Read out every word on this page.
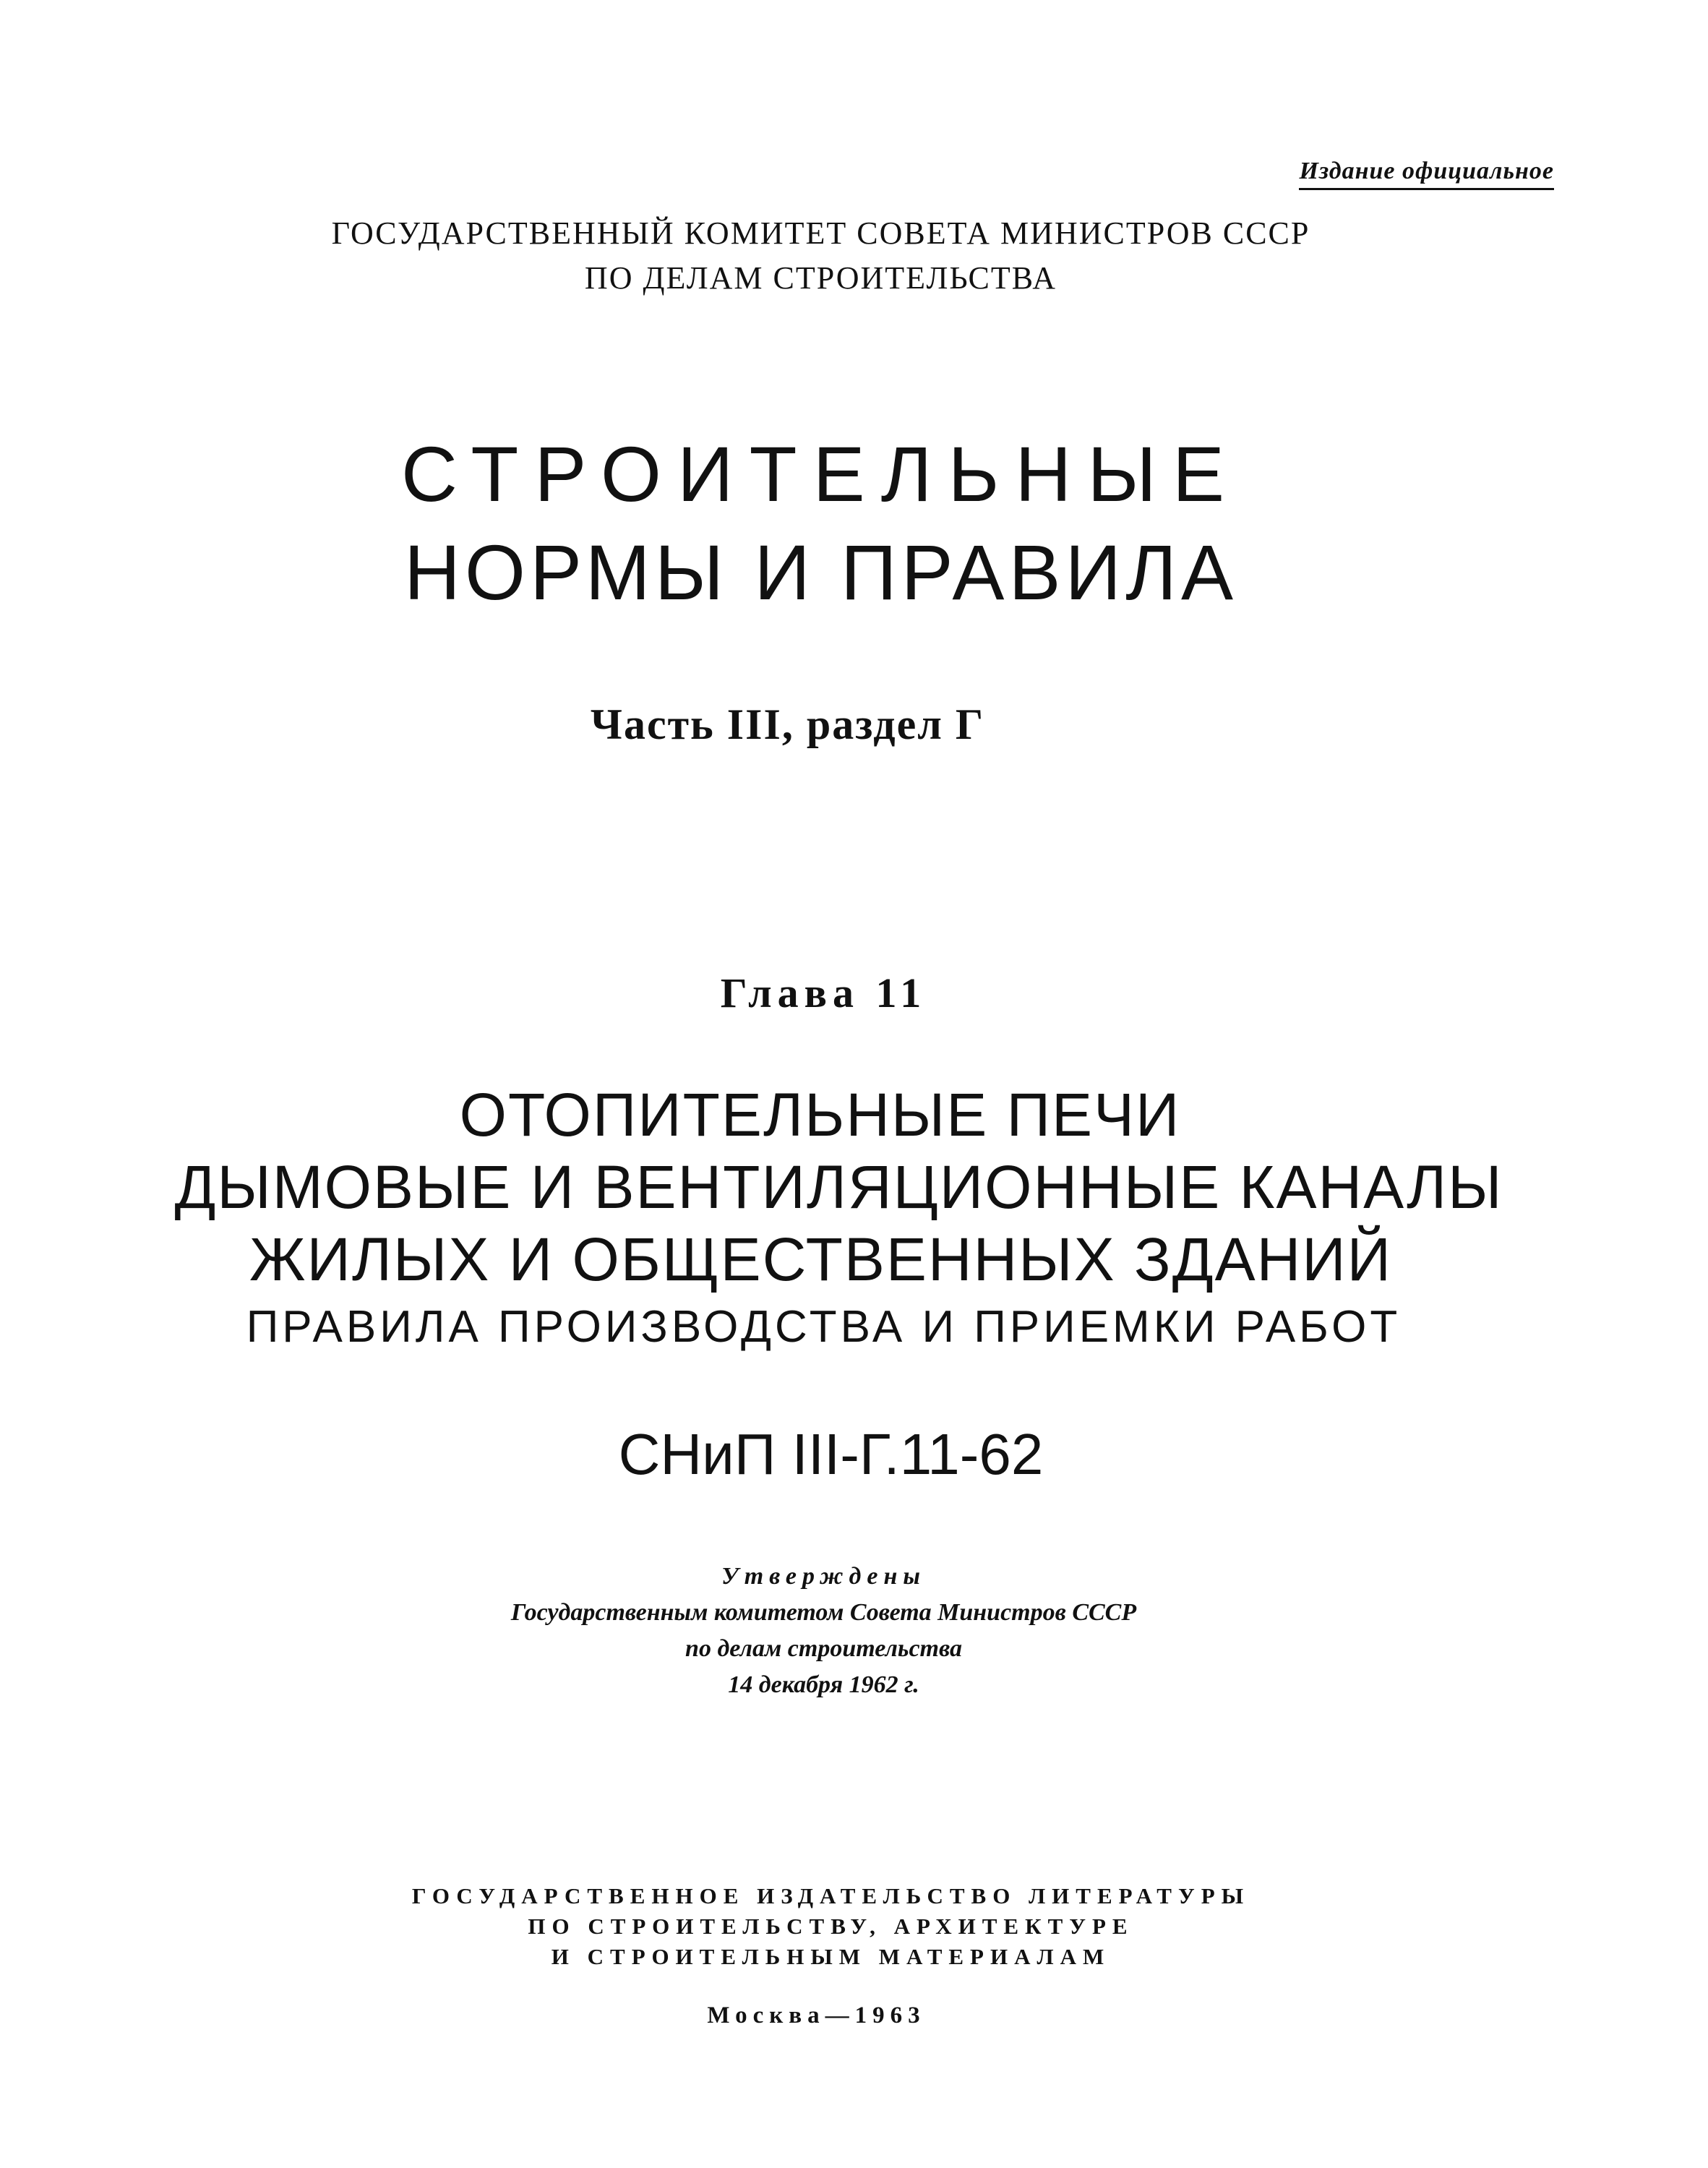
Издание официальное
ГОСУДАРСТВЕННЫЙ КОМИТЕТ СОВЕТА МИНИСТРОВ СССР
ПО ДЕЛАМ СТРОИТЕЛЬСТВА
СТРОИТЕЛЬНЫЕ
НОРМЫ И ПРАВИЛА
Часть III, раздел Г
Глава 11
ОТОПИТЕЛЬНЫЕ ПЕЧИ
ДЫМОВЫЕ И ВЕНТИЛЯЦИОННЫЕ КАНАЛЫ
ЖИЛЫХ И ОБЩЕСТВЕННЫХ ЗДАНИЙ
ПРАВИЛА ПРОИЗВОДСТВА И ПРИЕМКИ РАБОТ
СНиП III-Г.11-62
Утверждены
Государственным комитетом Совета Министров СССР
по делам строительства
14 декабря 1962 г.
ГОСУДАРСТВЕННОЕ ИЗДАТЕЛЬСТВО ЛИТЕРАТУРЫ
ПО СТРОИТЕЛЬСТВУ, АРХИТЕКТУРЕ
И СТРОИТЕЛЬНЫМ МАТЕРИАЛАМ
Москва—1963
